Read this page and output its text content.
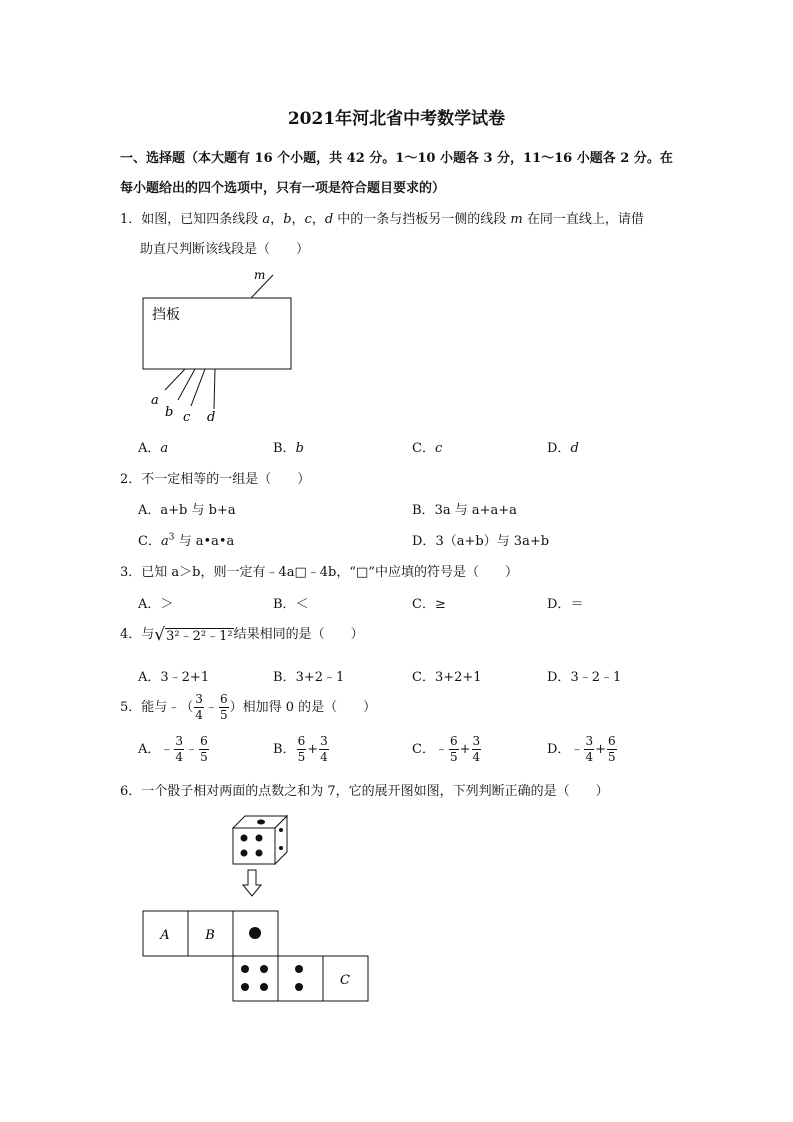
2021年河北省中考数学试卷
一、选择题（本大题有 16 个小题，共 42 分。1～10 小题各 3 分，11～16 小题各 2 分。在
每小题给出的四个选项中，只有一项是符合题目要求的）
1．如图，已知四条线段 a，b，c，d 中的一条与挡板另一侧的线段 m 在同一直线上，请借
助直尺判断该线段是（　　）
挡板
m
a
b c d
A．a	B．b	C．c	D．d
2．不一定相等的一组是（　　）
A．a+b 与 b+a	B．3a 与 a+a+a
C．$a^3$ 与 a•a•a	D．3（a+b）与 3a+b
3．已知 a＞b，则一定有﹣4a□﹣4b，“□”中应填的符号是（　　）
A．＞	B．＜	C．≥	D．＝
4．与√3²﹣2²﹣1²结果相同的是（　　）
A．3﹣2+1	B．3+2﹣1	C．3+2+1	D．3﹣2﹣1
5．能与﹣（ $\frac{3}{4}$ ﹣ $\frac{6}{5}$ ）相加得 0 的是（　　）
A．﹣ $\frac{3}{4}$ ﹣ $\frac{6}{5}$	B． $\frac{6}{5} + \frac{3}{4}$	C．﹣ $\frac{6}{5} + \frac{3}{4}$	D．﹣ $\frac{3}{4} + \frac{6}{5}$
6．一个骰子相对两面的点数之和为 7，它的展开图如图，下列判断正确的是（　　）
A	B
C
